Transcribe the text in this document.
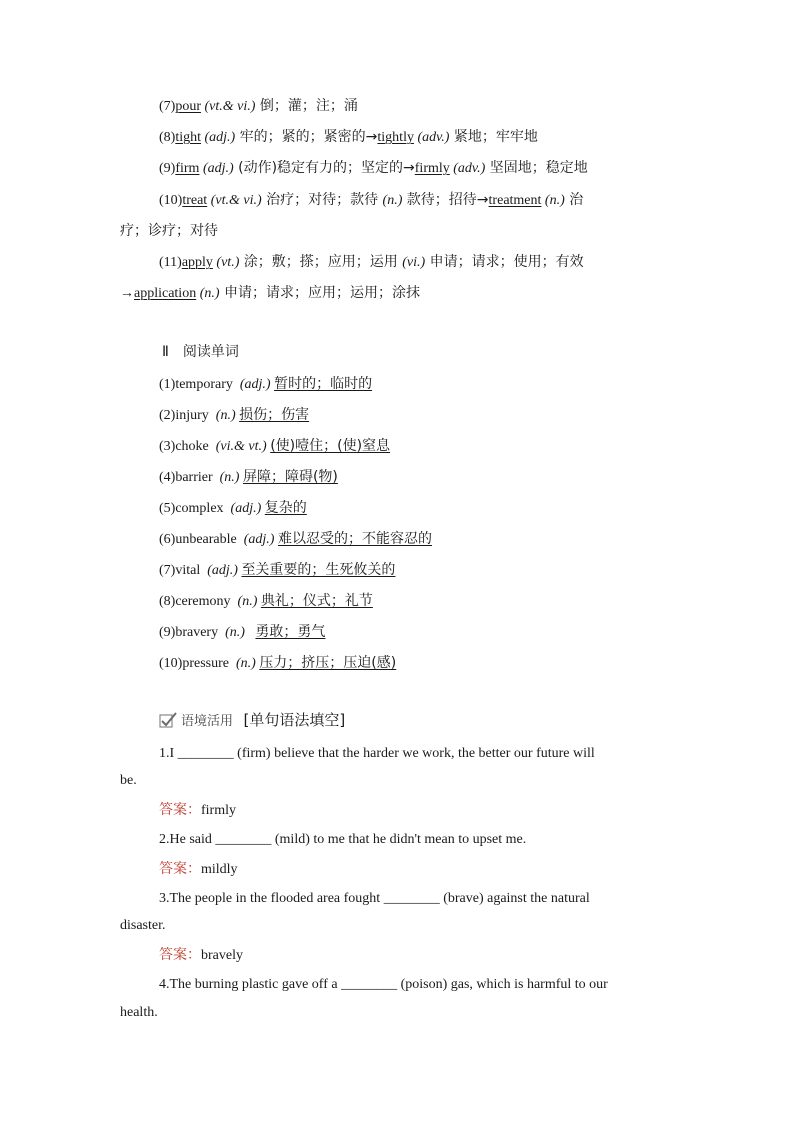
(7)pour (vt.& vi.) 倒；灌；注；涌
(8)tight (adj.) 牢的；紧的；紧密的→tightly (adv.) 紧地；牢牢地
(9)firm (adj.) (动作)稳定有力的；坚定的→firmly (adv.) 坚固地；稳定地
(10)treat (vt.& vi.) 治疗；对待；款待 (n.) 款待；招待→treatment (n.) 治
疗；诊疗；对待
(11)apply (vt.) 涂；敷；搽；应用；运用 (vi.) 申请；请求；使用；有效
→application (n.) 申请；请求；应用；运用；涂抹
Ⅱ　阅读单词
(1)temporary (adj.) 暂时的；临时的
(2)injury (n.) 损伤；伤害
(3)choke (vi.& vt.) (使)噎住；(使)窒息
(4)barrier (n.) 屏障；障碍(物)
(5)complex (adj.) 复杂的
(6)unbearable (adj.) 难以忍受的；不能容忍的
(7)vital (adj.) 至关重要的；生死攸关的
(8)ceremony (n.) 典礼；仪式；礼节
(9)bravery (n.) 勇敢；勇气
(10)pressure (n.) 压力；挤压；压迫(感)
语境活用 [单句语法填空]
1.I ________ (firm) believe that the harder we work, the better our future will
be.
答案：firmly
2.He said ________ (mild) to me that he didn't mean to upset me.
答案：mildly
3.The people in the flooded area fought ________ (brave) against the natural
disaster.
答案：bravely
4.The burning plastic gave off a ________ (poison) gas, which is harmful to our
health.
